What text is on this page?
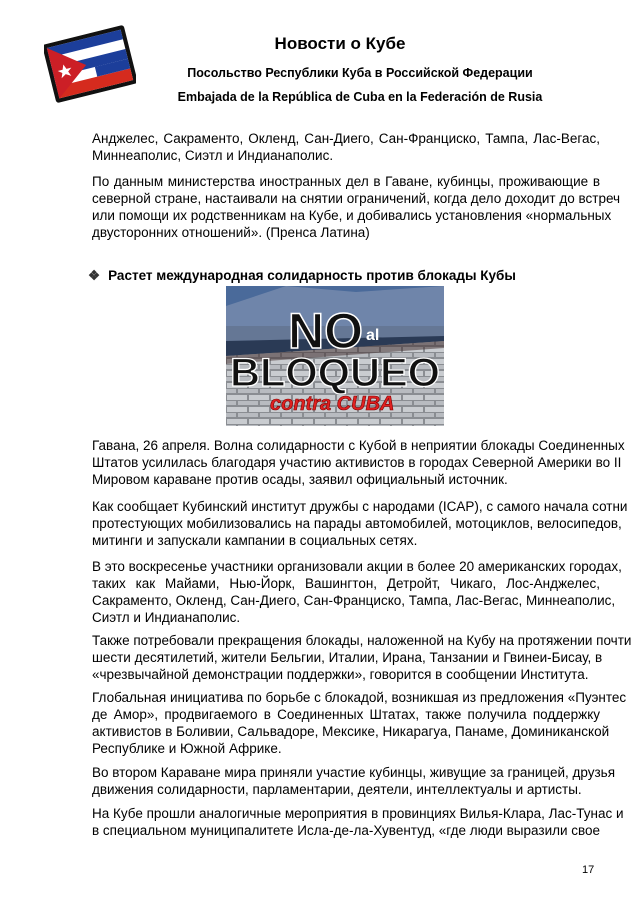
Новости о Кубе
Посольство Республики Куба в Российской Федерации
Embajada de la República de Cuba en la Federación de Rusia
Анджелес, Сакраменто, Окленд, Сан-Диего, Сан-Франциско, Тампа, Лас-Вегас,
Миннеаполис, Сиэтл и Индианаполис.
По данным министерства иностранных дел в Гаване, кубинцы, проживающие в
северной стране, настаивали на снятии ограничений, когда дело доходит до встреч
или помощи их родственникам на Кубе, и добивались установления «нормальных
двусторонних отношений». (Пренса Латина)
❖ Растет международная солидарность против блокады Кубы
NO al
BLOQUEO
contra CUBA
Гавана, 26 апреля. Волна солидарности с Кубой в неприятии блокады Соединенных
Штатов усилилась благодаря участию активистов в городах Северной Америки во II
Мировом караване против осады, заявил официальный источник.
Как сообщает Кубинский институт дружбы с народами (ICAP), с самого начала сотни
протестующих мобилизовались на парады автомобилей, мотоциклов, велосипедов,
митинги и запускали кампании в социальных сетях.
В это воскресенье участники организовали акции в более 20 американских городах,
таких как Майами, Нью-Йорк, Вашингтон, Детройт, Чикаго, Лос-Анджелес,
Сакраменто, Окленд, Сан-Диего, Сан-Франциско, Тампа, Лас-Вегас, Миннеаполис,
Сиэтл и Индианаполис.
Также потребовали прекращения блокады, наложенной на Кубу на протяжении почти
шести десятилетий, жители Бельгии, Италии, Ирана, Танзании и Гвинеи-Бисау, в
«чрезвычайной демонстрации поддержки», говорится в сообщении Института.
Глобальная инициатива по борьбе с блокадой, возникшая из предложения «Пуэнтес
де Амор», продвигаемого в Соединенных Штатах, также получила поддержку
активистов в Боливии, Сальвадоре, Мексике, Никарагуа, Панаме, Доминиканской
Республике и Южной Африке.
Во втором Караване мира приняли участие кубинцы, живущие за границей, друзья
движения солидарности, парламентарии, деятели, интеллектуалы и артисты.
На Кубе прошли аналогичные мероприятия в провинциях Вилья-Клара, Лас-Тунас и
в специальном муниципалитете Исла-де-ла-Хувентуд, «где люди выразили свое
17
